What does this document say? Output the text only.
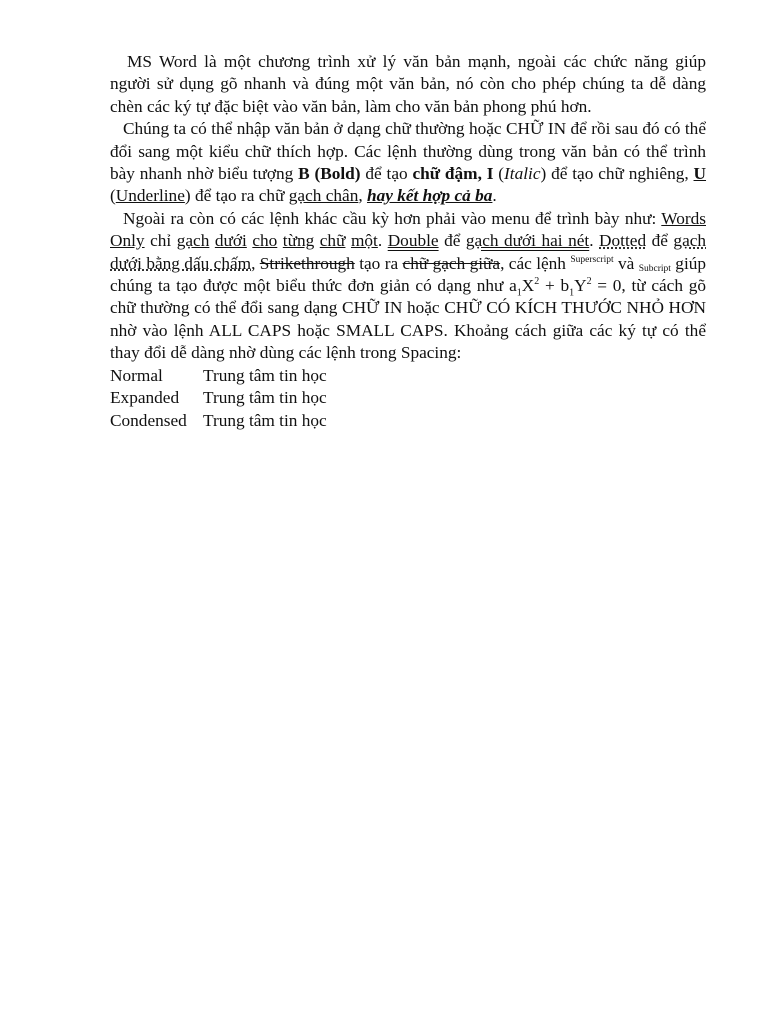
MS Word là một chương trình xử lý văn bản mạnh, ngoài các chức năng giúp người sử dụng gõ nhanh và đúng một văn bản, nó còn cho phép chúng ta dễ dàng chèn các ký tự đặc biệt vào văn bản, làm cho văn bản phong phú hơn.

Chúng ta có thể nhập văn bản ở dạng chữ thường hoặc CHỮ IN để rồi sau đó có thể đổi sang một kiểu chữ thích hợp. Các lệnh thường dùng trong văn bản có thể trình bày nhanh nhờ biểu tượng B (Bold) để tạo chữ đậm, I (Italic) để tạo chữ nghiêng, U (Underline) để tạo ra chữ gạch chân, hay kết hợp cả ba.

Ngoài ra còn có các lệnh khác cầu kỳ hơn phải vào menu để trình bày như: Words Only chỉ gạch dưới cho từng chữ một. Double để gạch dưới hai nét. Dotted để gạch dưới bằng dấu chấm, Strikethrough tạo ra chữ gạch giữa, các lệnh $^{Superscript}$ và Subcript giúp chúng ta tạo được một biểu thức đơn giản có dạng như $a_1X^2 + b_1Y^2 = 0$, từ cách gõ chữ thường có thể đổi sang dạng CHỮ IN hoặc CHỮ CÓ KÍCH THƯỚC NHỎ HƠN nhờ vào lệnh ALL CAPS hoặc SMALL CAPS. Khoảng cách giữa các ký tự có thể thay đổi dễ dàng nhờ dùng các lệnh trong Spacing:

Normal	Trung tâm tin học
Expanded	Trung tâm tin học
Condensed Trung tâm tin học
